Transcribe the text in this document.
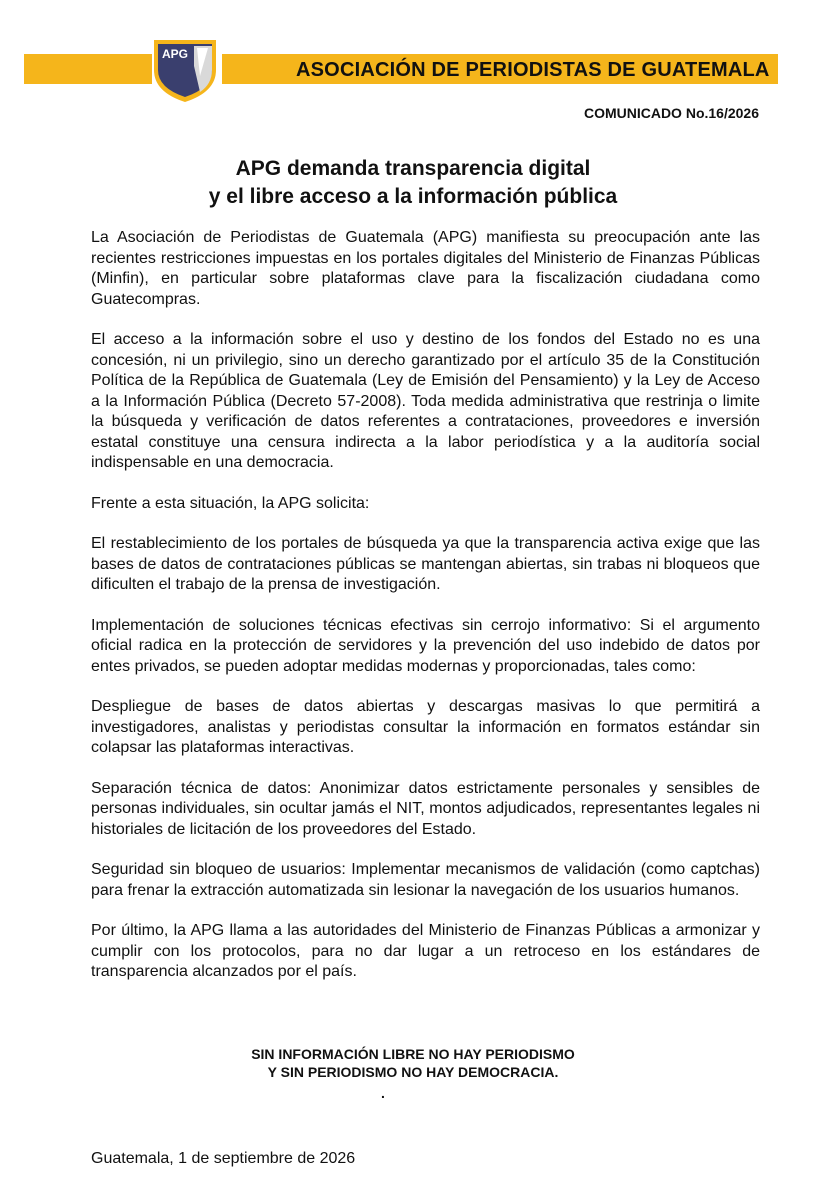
APG
ASOCIACIÓN DE PERIODISTAS DE GUATEMALA
COMUNICADO No.16/2026
APG demanda transparencia digital
y el libre acceso a la información pública

La Asociación de Periodistas de Guatemala (APG) manifiesta su preocupación ante las recientes restricciones impuestas en los portales digitales del Ministerio de Finanzas Públicas (Minfin), en particular sobre plataformas clave para la fiscalización ciudadana como Guatecompras.

El acceso a la información sobre el uso y destino de los fondos del Estado no es una concesión, ni un privilegio, sino un derecho garantizado por el artículo 35 de la Constitución Política de la República de Guatemala (Ley de Emisión del Pensamiento) y la Ley de Acceso a la Información Pública (Decreto 57-2008). Toda medida administrativa que restrinja o limite la búsqueda y verificación de datos referentes a contrataciones, proveedores e inversión estatal constituye una censura indirecta a la labor periodística y a la auditoría social indispensable en una democracia.

Frente a esta situación, la APG solicita:

El restablecimiento de los portales de búsqueda ya que la transparencia activa exige que las bases de datos de contrataciones públicas se mantengan abiertas, sin trabas ni bloqueos que dificulten el trabajo de la prensa de investigación.

Implementación de soluciones técnicas efectivas sin cerrojo informativo: Si el argumento oficial radica en la protección de servidores y la prevención del uso indebido de datos por entes privados, se pueden adoptar medidas modernas y proporcionadas, tales como:

Despliegue de bases de datos abiertas y descargas masivas lo que permitirá a investigadores, analistas y periodistas consultar la información en formatos estándar sin colapsar las plataformas interactivas.

Separación técnica de datos: Anonimizar datos estrictamente personales y sensibles de personas individuales, sin ocultar jamás el NIT, montos adjudicados, representantes legales ni historiales de licitación de los proveedores del Estado.

Seguridad sin bloqueo de usuarios: Implementar mecanismos de validación (como captchas) para frenar la extracción automatizada sin lesionar la navegación de los usuarios humanos.

Por último, la APG llama a las autoridades del Ministerio de Finanzas Públicas a armonizar y cumplir con los protocolos, para no dar lugar a un retroceso en los estándares de transparencia alcanzados por el país.

SIN INFORMACIÓN LIBRE NO HAY PERIODISMO
Y SIN PERIODISMO NO HAY DEMOCRACIA.
.
Guatemala, 1 de septiembre de 2026
